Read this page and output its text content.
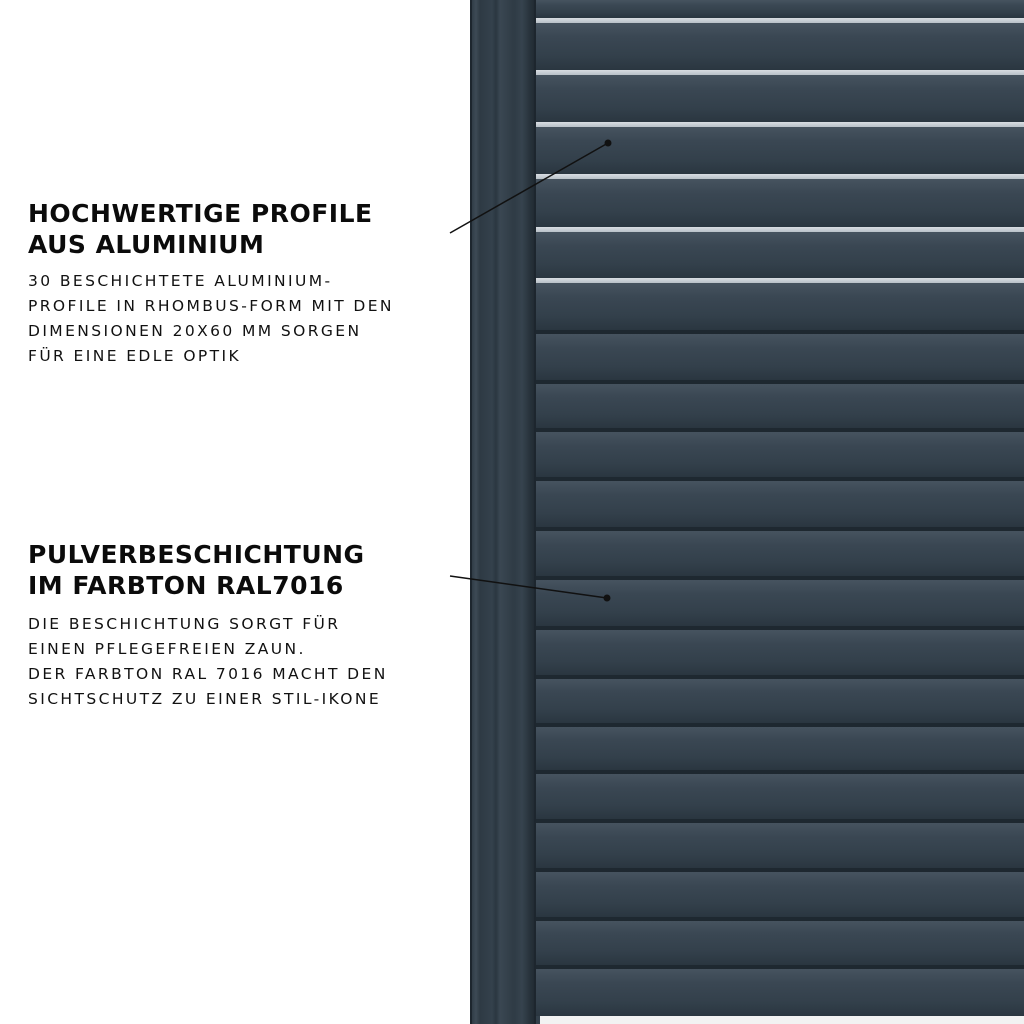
HOCHWERTIGE PROFILE
AUS ALUMINIUM

30 BESCHICHTETE ALUMINIUM-
PROFILE IN RHOMBUS-FORM MIT DEN
DIMENSIONEN 20X60 MM SORGEN
FÜR EINE EDLE OPTIK

PULVERBESCHICHTUNG
IM FARBTON RAL7016

DIE BESCHICHTUNG SORGT FÜR
EINEN PFLEGEFREIEN ZAUN.
DER FARBTON RAL 7016 MACHT DEN
SICHTSCHUTZ ZU EINER STIL-IKONE
